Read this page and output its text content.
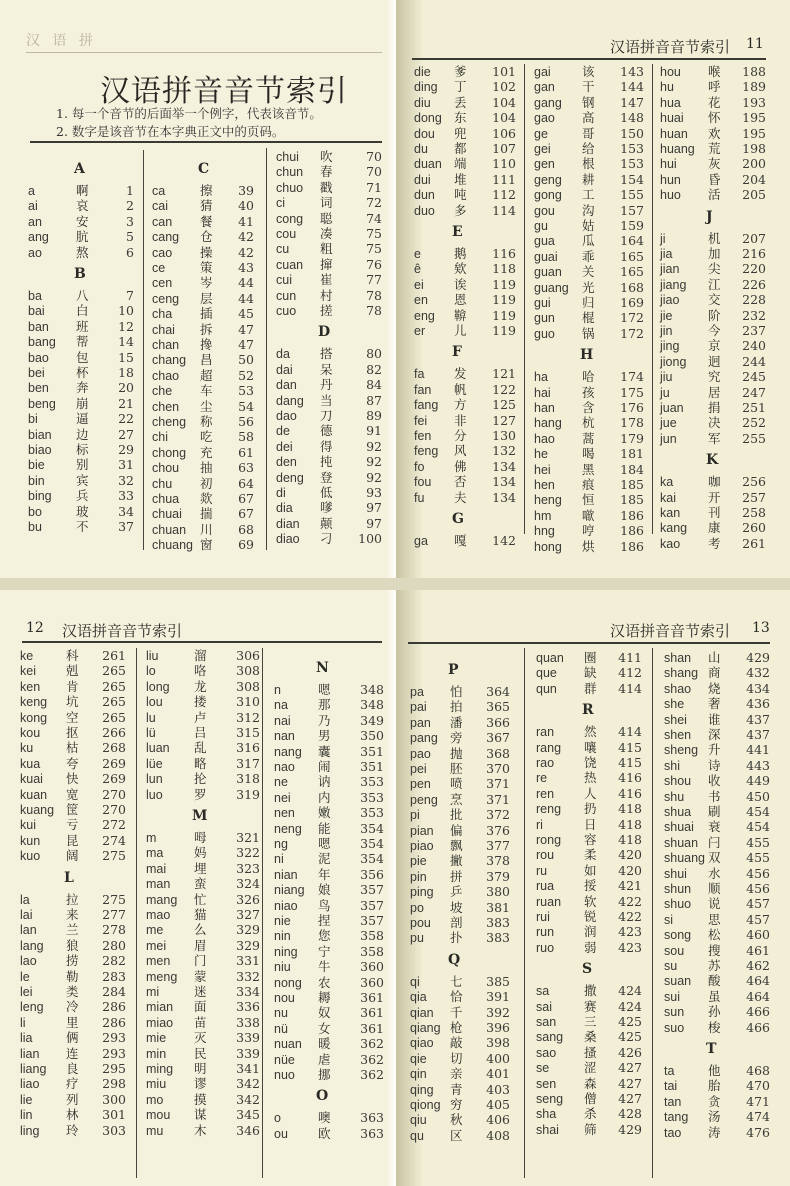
汉 语 拼
汉语拼音音节索引
1. 每一个音节的后面举一个例字，代表该音节。
2. 数字是该音节在本字典正文中的页码。
A
a	啊	1
ai	哀	2
an	安	3
ang 肮	5
ao	熬	6
B
ba	八	7
bai	白	10
ban 班	12
bang 帮	14
bao 包	15
bei	杯	18
ben 奔	20
beng 崩	21
bi	逼	22
bian 边	27
biao 标	29
bie	别	31
bin	宾	32
bing 兵	33
bo	玻	34
bu	不	37
C
ca	擦	39
cai	猜	40
can 餐	41
cang 仓	42
cao 操	42
ce	策	43
cen 岑	44
ceng 层	44
cha 插	45
chai 拆	47
chan 搀	47
chang 昌	50
chao 超	52
che 车	53
chen 尘	54
cheng 称	56
chi	吃	58
chong 充	61
chou 抽	63
chu 初	64
chua 欻	67
chuai 揣	67
chuan 川	68
chuang 窗	69
chui 吹	70
chun 春	70
chuo 戳	71
ci	词	72
cong 聪	74
cou 凑	75
cu 粗	75
cuan 撺	76
cui 崔	77
cun 村	78
cuo 搓	78
D
da 搭	80
dai 呆	82
dan 丹	84
dang 当	87
dao 刀	89
de 德	91
dei 得	92
den 扽	92
deng 登	92
di	低	93
dia 嗲	97
dian 颠	97
diao 刁	100
汉语拼音音节索引 11
die 爹	101
ding 丁	102
diu 丢	104
dong 东	104
dou 兜	106
du 都	107
duan 端	110
dui 堆	111
dun 吨	112
duo 多	114
E
e	鹅	116
ê	欸	118
ei 诶	119
en 恩	119
eng 鞥	119
er 儿	119
F
fa 发	121
fan 帆	122
fang 方	125
fei 非	127
fen 分	130
feng 风	132
fo 佛	134
fou 否	134
fu 夫	134
G
ga 嘎	142
gai	该	143
gan 干	144
gang 钢	147
gao 高	148
ge	哥	150
gei	给	153
gen 根	153
geng 耕	154
gong 工	155
gou 沟	157
gu	姑	159
gua 瓜	164
guai 乖	165
guan 关	165
guang 光	168
gui	归	169
gun 棍	172
guo 锅	172
H
ha	哈	174
hai	孩	175
han 含	176
hang 杭	178
hao 蒿	179
he	喝	181
hei	黑	184
hen 痕	185
heng 恒	185
hm 噷	186
hng 哼	186
hong 烘	186
hou 喉	188
hu	呼	189
hua 花	193
huai 怀	195
huan 欢	195
huang 荒	198
hui	灰	200
hun 昏	204
huo 活	205
J
ji	机	207
jia	加	216
jian 尖	220
jiang 江	226
jiao 交	228
jie	阶	232
jin	今	237
jing 京	240
jiong 迥	244
jiu	究	245
ju	居	247
juan 捐	251
jue	决	252
jun	军	255
K
ka	咖	256
kai	开	257
kan 刊	258
kang 康	260
kao 考	261
12 汉语拼音音节索引
ke	科	261
kei 剋	265
ken 肯	265
keng 坑	265
kong 空	265
kou 抠	266
ku	枯	268
kua 夸	269
kuai 快	269
kuan 宽	270
kuang 筐	270
kui 亏	272
kun 昆	274
kuo 阔	275
L
la	拉	275
lai	来	277
lan 兰	278
lang 狼	280
lao 捞	282
le	勒	283
lei	类	284
leng 冷	286
li	里	286
lia	俩	293
lian 连	293
liang 良	295
liao 疗	298
lie	列	300
lin	林	301
ling 玲	303
liu	溜	306
lo	咯	308
long 龙	308
lou	搂	310
lu	卢	312
lü	吕	315
luan 乱	316
lüe	略	317
lun	抡	318
luo	罗	319
M
m	呣	321
ma 妈	322
mai 埋	323
man 蛮	324
mang 忙	326
mao 猫	327
me 么	329
mei 眉	329
men 门	331
meng 蒙	332
mi	迷	334
mian 面	336
miao 苗	338
mie 灭	339
min 民	339
ming 明	341
miu 谬	342
mo 摸	342
mou 谋	345
mu 木	346
N
n	嗯	348
na 那	348
nai 乃	349
nan 男	350
nang 囊	351
nao 闹	351
ne 讷	353
nei 内	353
nen 嫩	353
neng 能	354
ng 嗯	354
ni	泥	354
nian 年	356
niang 娘	357
niao 鸟	357
nie 捏	357
nin 您	358
ning 宁	358
niu 牛	360
nong 农	360
nou 耨	361
nu 奴	361
nü 女	361
nuan 暖	362
nüe 虐	362
nuo 挪	362
O
o	噢	363
ou 欧	363
汉语拼音音节索引 13
P
pa 怕	364
pai 拍	365
pan 潘	366
pang 旁	367
pao 抛	368
pei 胚	370
pen 喷	371
peng 烹	371
pi 批	372
pian 偏	376
piao 飘	377
pie 撇	378
pin 拼	379
ping 乒	380
po 坡	381
pou 剖	383
pu 扑	383
Q
qi 七	385
qia 恰	391
qian 千	392
qiang 枪	396
qiao 敲	398
qie 切	400
qin 亲	401
qing 青	403
qiong 穷	405
qiu 秋	406
qu 区	408
quan 圈	411
que 缺	412
qun 群	414
R
ran 然	414
rang 嚷	415
rao 饶	415
re	热	416
ren 人	416
reng 扔	418
ri	日	418
rong 容	418
rou 柔	420
ru	如	420
rua 挼	421
ruan 软	422
rui	锐	422
run 润	423
ruo 弱	423
S
sa	撒	424
sai	赛	424
san 三	425
sang 桑	425
sao 搔	426
se	涩	427
sen 森	427
seng 僧	427
sha 杀	428
shai 筛	429
shan 山	429
shang 商	432
shao 烧	434
she 奢	436
shei 谁	437
shen 深	437
sheng 升	441
shi 诗	443
shou 收	449
shu 书	450
shua 刷	454
shuai 衰	454
shuan 闩	455
shuang 双	455
shui 水	456
shun 顺	456
shuo 说	457
si	思	457
song 松	460
sou 搜	461
su 苏	462
suan 酸	464
sui 虽	464
sun 孙	466
suo 梭	466
T
ta	他	468
tai 胎	470
tan 贪	471
tang 汤	474
tao 涛	476
